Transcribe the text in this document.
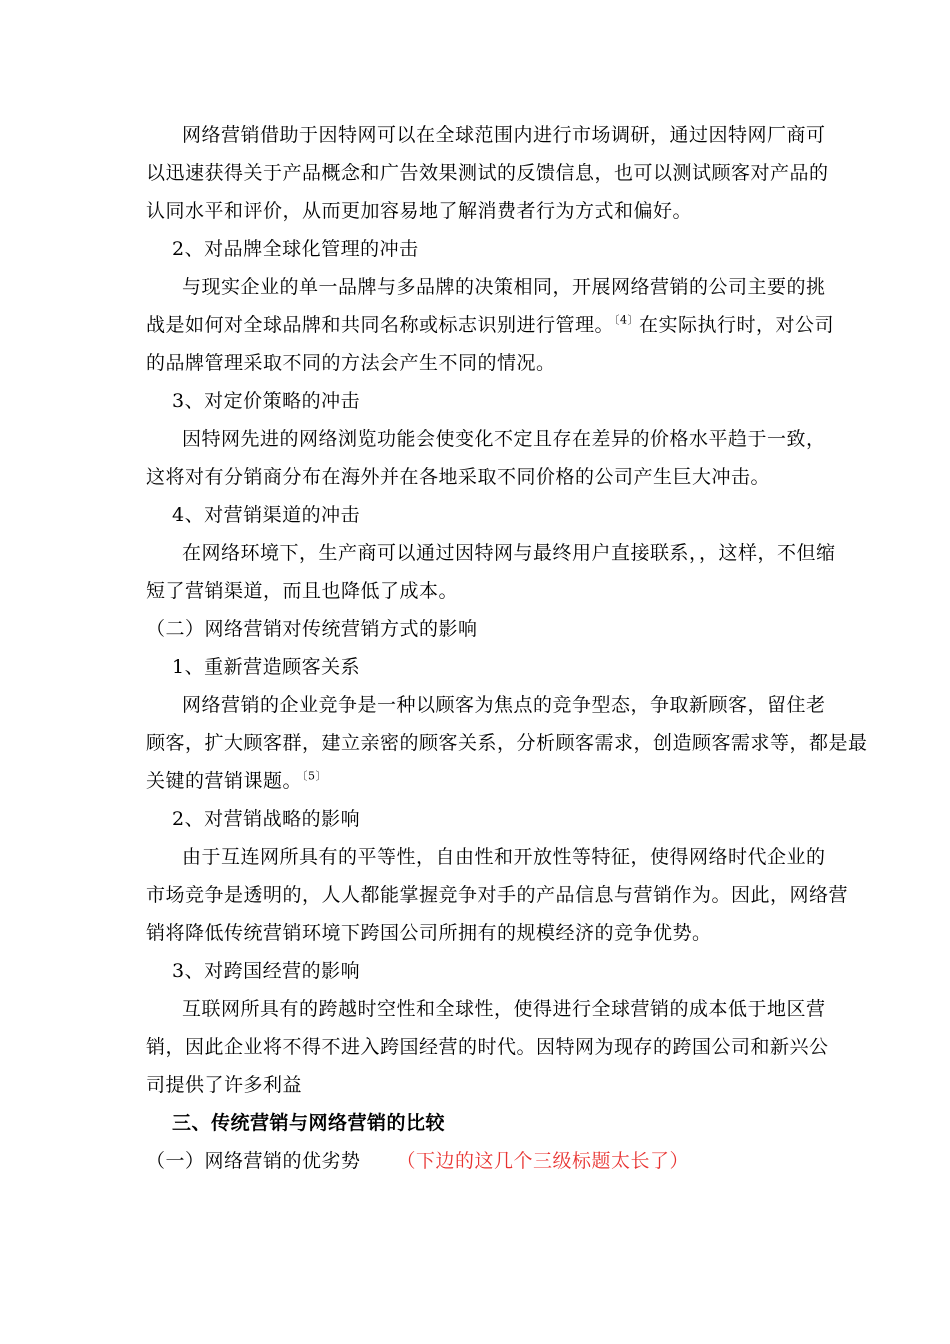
网络营销借助于因特网可以在全球范围内进行市场调研，通过因特网厂商可
以迅速获得关于产品概念和广告效果测试的反馈信息，也可以测试顾客对产品的
认同水平和评价，从而更加容易地了解消费者行为方式和偏好。
2、对品牌全球化管理的冲击
与现实企业的单一品牌与多品牌的决策相同，开展网络营销的公司主要的挑
战是如何对全球品牌和共同名称或标志识别进行管理。$^{〔4〕}$在实际执行时，对公司
的品牌管理采取不同的方法会产生不同的情况。
3、对定价策略的冲击
因特网先进的网络浏览功能会使变化不定且存在差异的价格水平趋于一致，
这将对有分销商分布在海外并在各地采取不同价格的公司产生巨大冲击。
4、对营销渠道的冲击
在网络环境下，生产商可以通过因特网与最终用户直接联系，，这样，不但缩
短了营销渠道，而且也降低了成本。
（二）网络营销对传统营销方式的影响
1、重新营造顾客关系
网络营销的企业竞争是一种以顾客为焦点的竞争型态，争取新顾客，留住老
顾客，扩大顾客群，建立亲密的顾客关系，分析顾客需求，创造顾客需求等，都是最
关键的营销课题。$^{〔5〕}$
2、对营销战略的影响
由于互连网所具有的平等性，自由性和开放性等特征，使得网络时代企业的
市场竞争是透明的，人人都能掌握竞争对手的产品信息与营销作为。因此，网络营
销将降低传统营销环境下跨国公司所拥有的规模经济的竞争优势。
3、对跨国经营的影响
互联网所具有的跨越时空性和全球性，使得进行全球营销的成本低于地区营
销，因此企业将不得不进入跨国经营的时代。因特网为现存的跨国公司和新兴公
司提供了许多利益
三、传统营销与网络营销的比较
（一）网络营销的优劣势 （下边的这几个三级标题太长了）
